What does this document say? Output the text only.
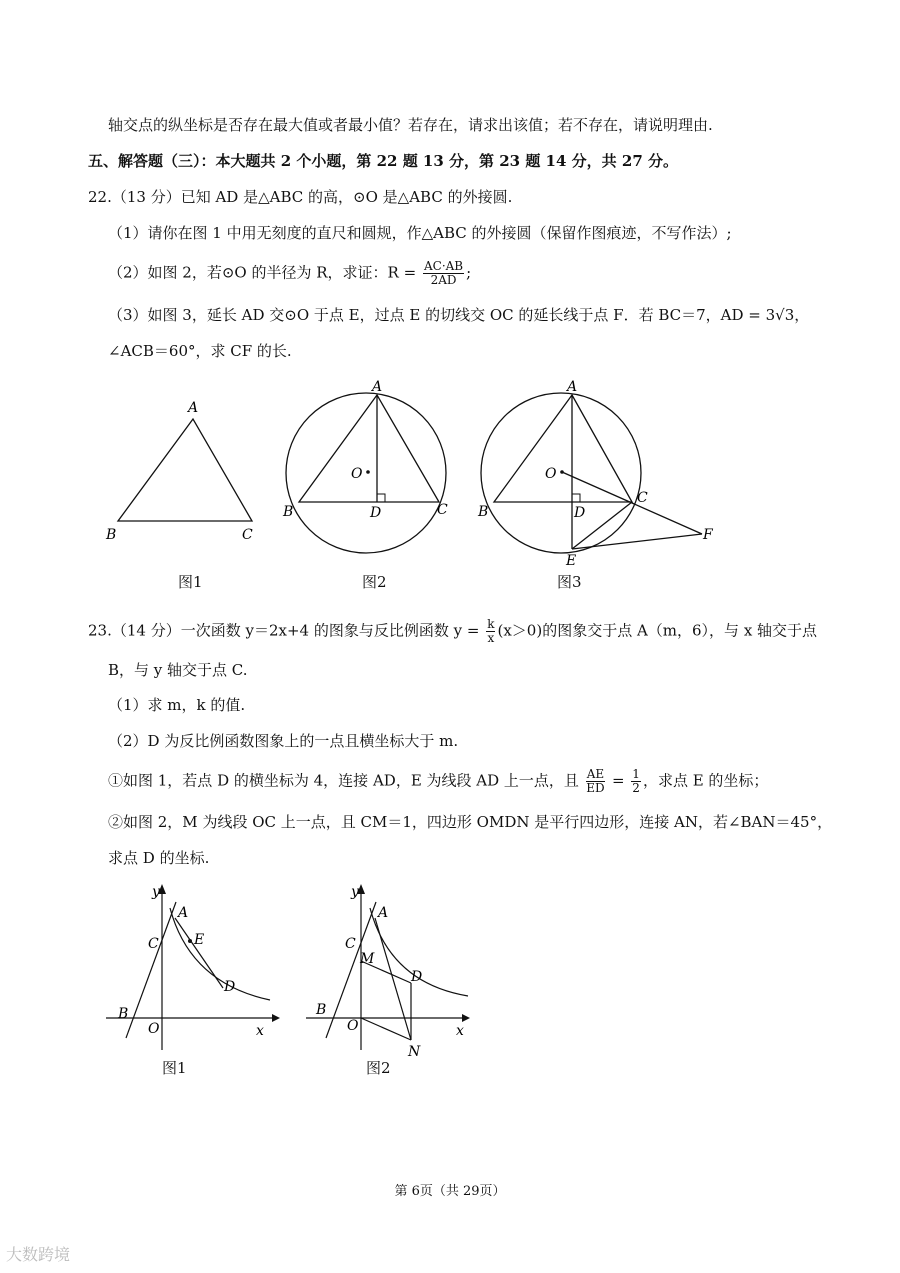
轴交点的纵坐标是否存在最大值或者最小值？若存在，请求出该值；若不存在，请说明理由.
五、解答题（三）：本大题共 2 个小题，第 22 题 13 分，第 23 题 14 分，共 27 分。
22.（13 分）已知 AD 是△ABC 的高，⊙O 是△ABC 的外接圆.
（1）请你在图 1 中用无刻度的直尺和圆规，作△ABC 的外接圆（保留作图痕迹，不写作法）;
（2）如图 2，若⊙O 的半径为 R，求证：$R = \frac{AC\cdot AB}{2AD}$ ;
（3）如图 3，延长 AD 交⊙O 于点 E，过点 E 的切线交 OC 的延长线于点 F．若 BC＝7，AD = 3√3，
∠ACB＝60°，求 CF 的长.
A
B	C
图1
A
O
B	D	C
图2
A
O
B	D
C
E
F
图3
23.（14 分）一次函数 y＝2x+4 的图象与反比例函数 $y = \frac{k}{x} (x>0)$的图象交于点 A（m，6），与 x 轴交于点
B，与 y 轴交于点 C.
（1）求 m，k 的值.
（2）D 为反比例函数图象上的一点且横坐标大于 m.
①如图 1，若点 D 的横坐标为 4，连接 AD，E 为线段 AD 上一点，且 $\frac{AE}{ED} = \frac{1}{2}$ ，求点 E 的坐标；
②如图 2，M 为线段 OC 上一点，且 CM＝1，四边形 OMDN 是平行四边形，连接 AN，若∠BAN＝45°，
求点 D 的坐标.
y
x
A
C	E
D
B
O
图1
y
x
A
C
M
D
B
O
N
图2
第 6页（共 29页）
大数跨境
